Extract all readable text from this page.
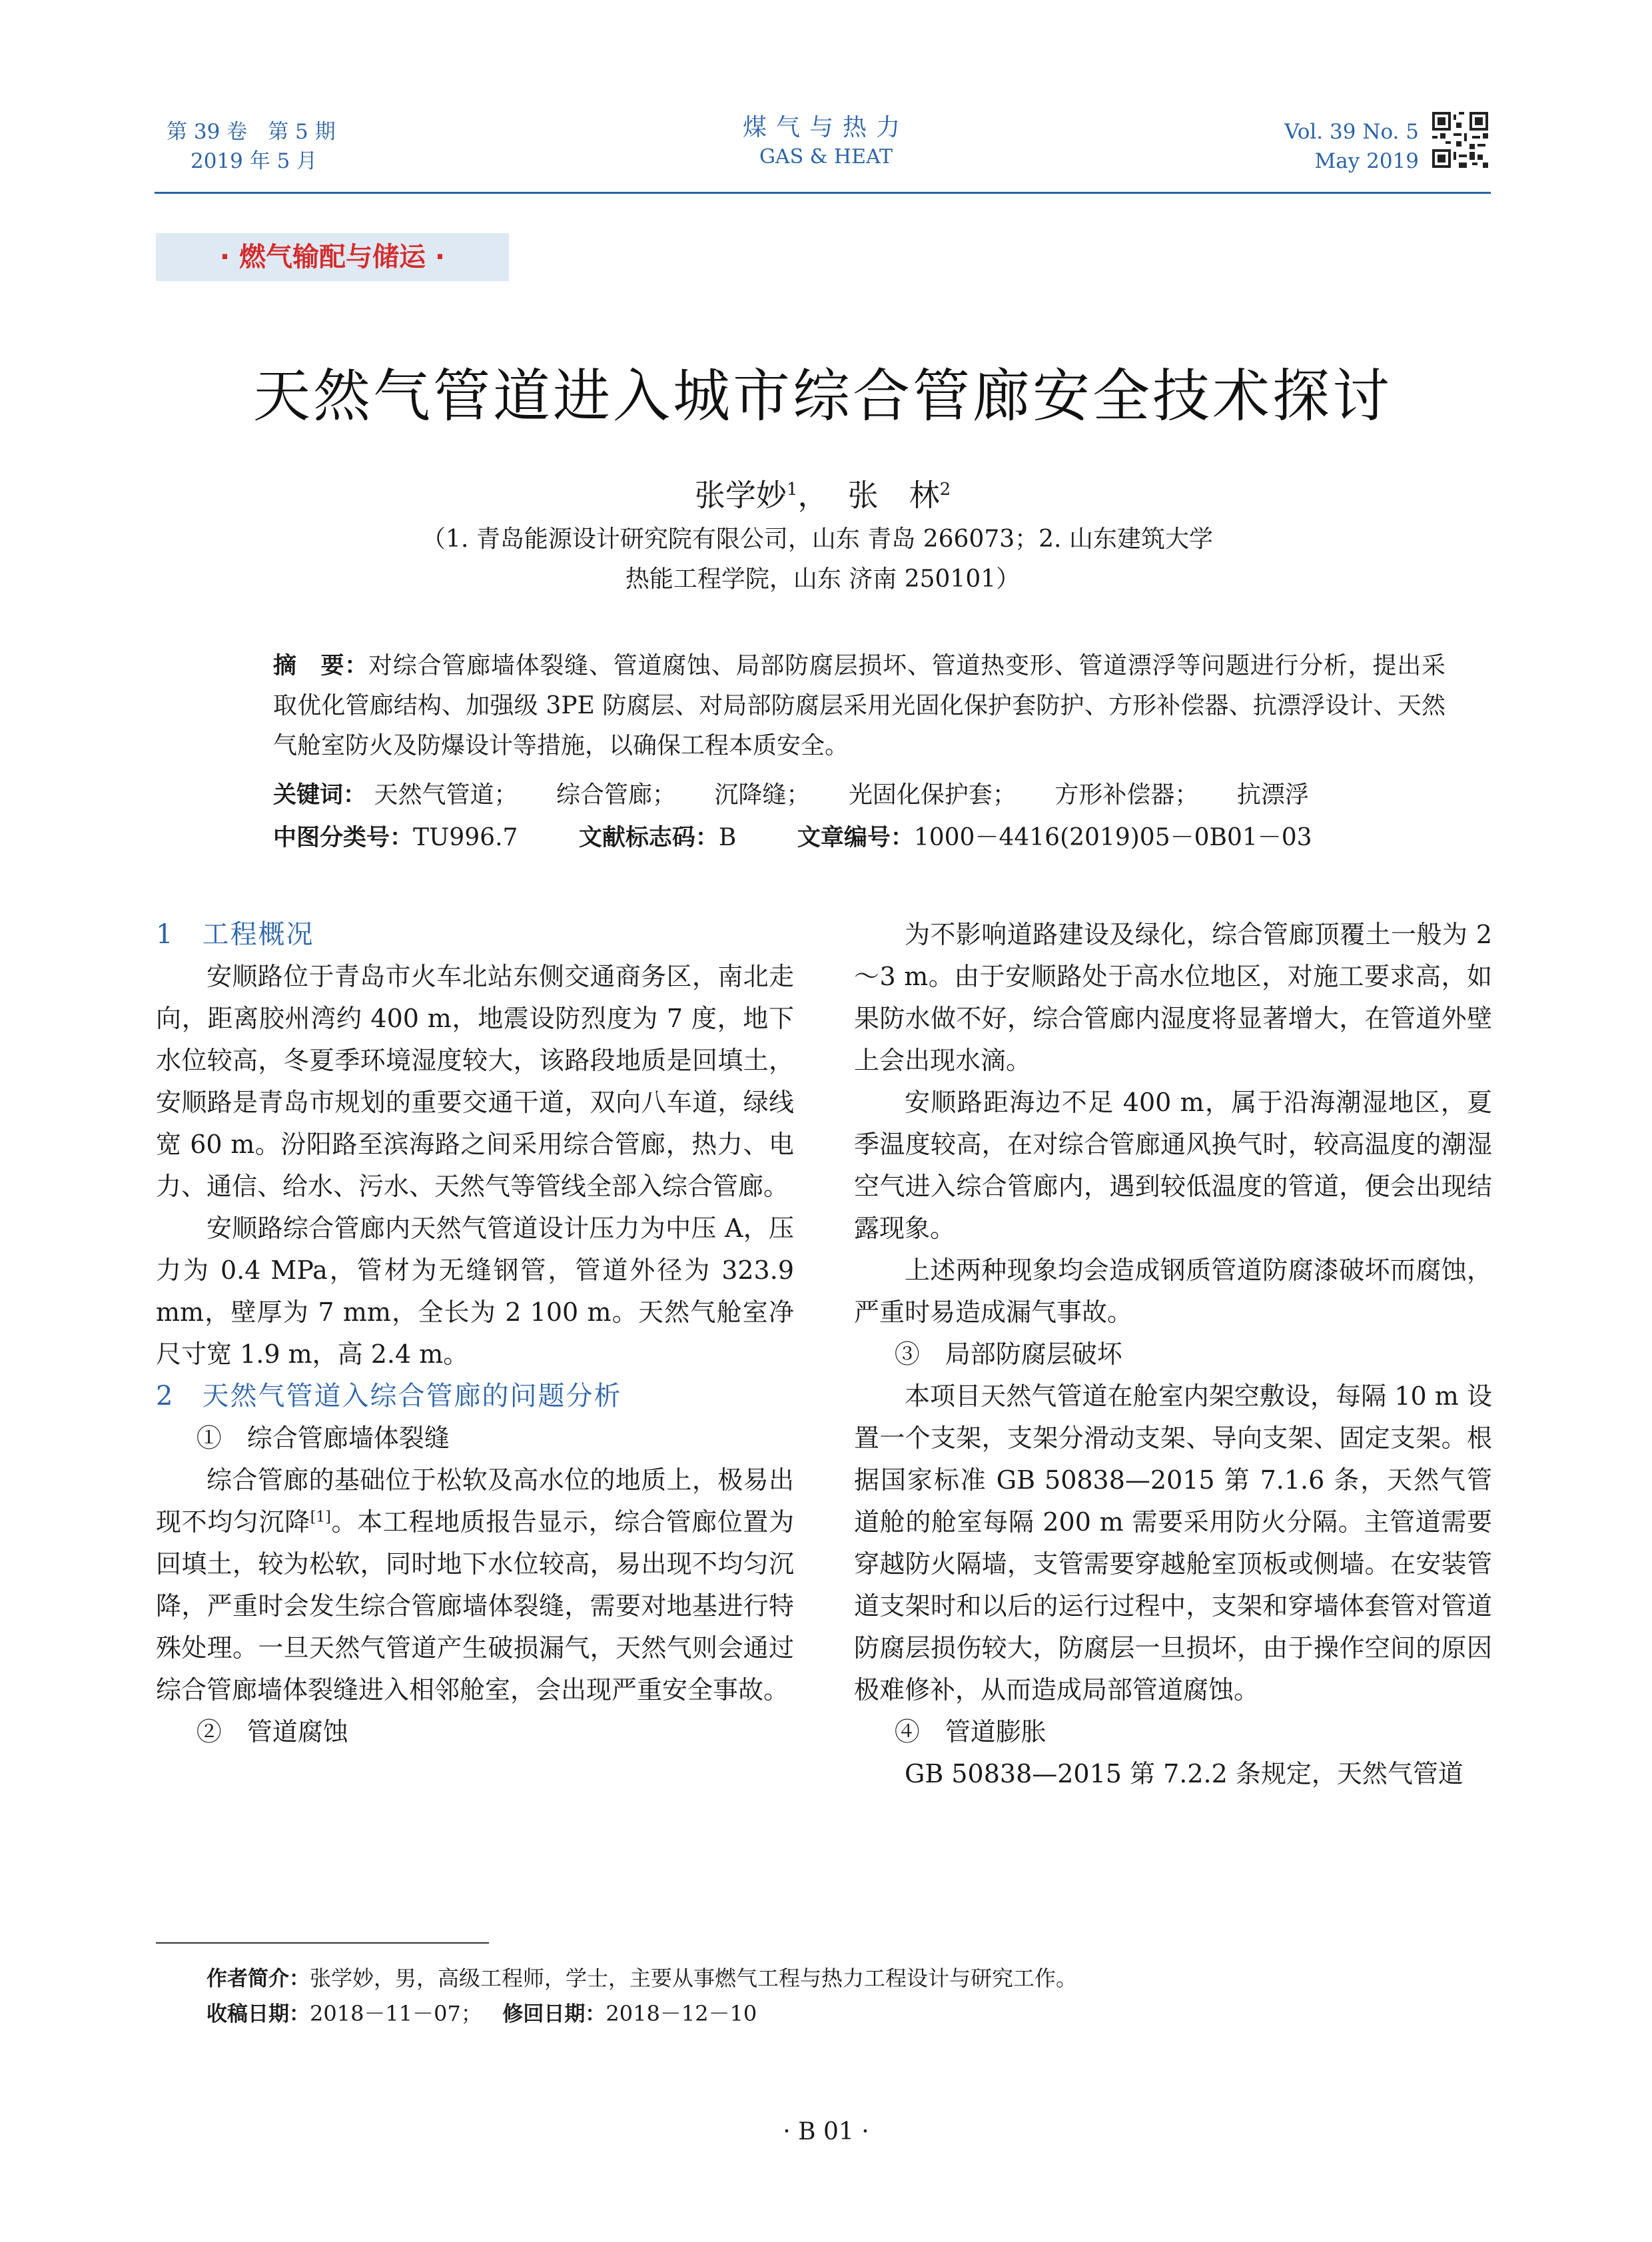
第 39 卷　第 5 期
2019 年 5 月
煤气与热力
GAS & HEAT
Vol. 39 No. 5
May 2019
· 燃气输配与储运 ·
天然气管道进入城市综合管廊安全技术探讨
张学妙$^1$， 张　林$^2$
（1. 青岛能源设计研究院有限公司，山东 青岛 266073；2. 山东建筑大学
热能工程学院，山东 济南 250101）
摘　要：对综合管廊墙体裂缝、管道腐蚀、局部防腐层损坏、管道热变形、管道漂浮等问题进行分析，提出采取优化管廊结构、加强级 3PE 防腐层、对局部防腐层采用光固化保护套防护、方形补偿器、抗漂浮设计、天然气舱室防火及防爆设计等措施，以确保工程本质安全。
关键词： 天然气管道； 综合管廊； 沉降缝； 光固化保护套； 方形补偿器； 抗漂浮
中图分类号：TU996.7	文献标志码：B	文章编号：1000－4416(2019)05－0B01－03

1　工程概况

安顺路位于青岛市火车北站东侧交通商务区，南北走向，距离胶州湾约 400 m，地震设防烈度为 7 度，地下水位较高，冬夏季环境湿度较大，该路段地质是回填土，安顺路是青岛市规划的重要交通干道，双向八车道，绿线宽 60 m。汾阳路至滨海路之间采用综合管廊，热力、电力、通信、给水、污水、天然气等管线全部入综合管廊。

安顺路综合管廊内天然气管道设计压力为中压 A，压力为 0.4 MPa，管材为无缝钢管，管道外径为 323.9 mm，壁厚为 7 mm，全长为 2 100 m。天然气舱室净尺寸宽 1.9 m，高 2.4 m。

2　天然气管道入综合管廊的问题分析

①　综合管廊墙体裂缝

综合管廊的基础位于松软及高水位的地质上，极易出现不均匀沉降[1]。本工程地质报告显示，综合管廊位置为回填土，较为松软，同时地下水位较高，易出现不均匀沉降，严重时会发生综合管廊墙体裂缝，需要对地基进行特殊处理。一旦天然气管道产生破损漏气，天然气则会通过综合管廊墙体裂缝进入相邻舱室，会出现严重安全事故。

②　管道腐蚀

为不影响道路建设及绿化，综合管廊顶覆土一般为 2～3 m。由于安顺路处于高水位地区，对施工要求高，如果防水做不好，综合管廊内湿度将显著增大，在管道外壁上会出现水滴。

安顺路距海边不足 400 m，属于沿海潮湿地区，夏季温度较高，在对综合管廊通风换气时，较高温度的潮湿空气进入综合管廊内，遇到较低温度的管道，便会出现结露现象。

上述两种现象均会造成钢质管道防腐漆破坏而腐蚀，严重时易造成漏气事故。

③　局部防腐层破坏

本项目天然气管道在舱室内架空敷设，每隔 10 m 设置一个支架，支架分滑动支架、导向支架、固定支架。根据国家标准 GB 50838—2015 第 7.1.6 条，天然气管道舱的舱室每隔 200 m 需要采用防火分隔。主管道需要穿越防火隔墙，支管需要穿越舱室顶板或侧墙。在安装管道支架时和以后的运行过程中，支架和穿墙体套管对管道防腐层损伤较大，防腐层一旦损坏，由于操作空间的原因极难修补，从而造成局部管道腐蚀。

④　管道膨胀

GB 50838—2015 第 7.2.2 条规定，天然气管道

作者简介：张学妙，男，高级工程师，学士，主要从事燃气工程与热力工程设计与研究工作。
收稿日期：2018－11－07； 修回日期：2018－12－10
· B 01 ·
